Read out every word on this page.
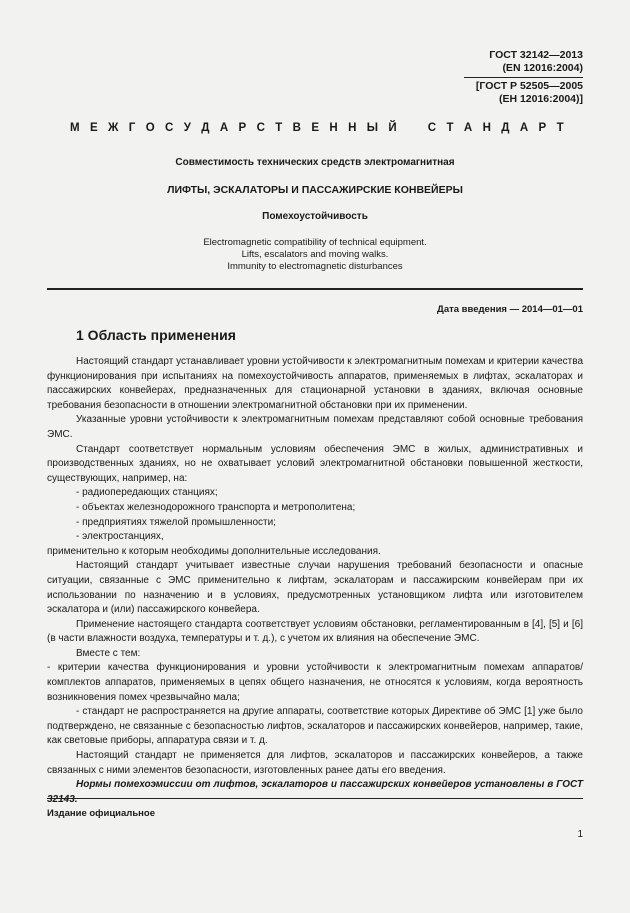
ГОСТ 32142—2013
(EN 12016:2004)
[ГОСТ Р 52505—2005
(ЕН 12016:2004)]
М Е Ж Г О С У Д А Р С Т В Е Н Н Ы Й	С Т А Н Д А Р Т
Совместимость технических средств электромагнитная
ЛИФТЫ, ЭСКАЛАТОРЫ И ПАССАЖИРСКИЕ КОНВЕЙЕРЫ
Помехоустойчивость
Electromagnetic compatibility of technical equipment.
Lifts, escalators and moving walks.
Immunity to electromagnetic disturbances
Дата введения — 2014—01—01
1 Область применения

Настоящий стандарт устанавливает уровни устойчивости к электромагнитным помехам и критерии качества функционирования при испытаниях на помехоустойчивость аппаратов, применяемых в лифтах, эскалаторах и пассажирских конвейерах, предназначенных для стационарной установки в зданиях, включая основные требования безопасности в отношении электромагнитной обстановки при их применении.

Указанные уровни устойчивости к электромагнитным помехам представляют собой основные требования ЭМС.

Стандарт соответствует нормальным условиям обеспечения ЭМС в жилых, административных и производственных зданиях, но не охватывает условий электромагнитной обстановки повышенной жесткости, существующих, например, на:

- радиопередающих станциях;

- объектах железнодорожного транспорта и метрополитена;

- предприятиях тяжелой промышленности;

- электростанциях,

применительно к которым необходимы дополнительные исследования.

Настоящий стандарт учитывает известные случаи нарушения требований безопасности и опасные ситуации, связанные с ЭМС применительно к лифтам, эскалаторам и пассажирским конвейерам при их использовании по назначению и в условиях, предусмотренных установщиком лифта или изготовителем эскалатора и (или) пассажирского конвейера.

Применение настоящего стандарта соответствует условиям обстановки, регламентированным в [4], [5] и [6] (в части влажности воздуха, температуры и т. д.), с учетом их влияния на обеспечение ЭМС.

Вместе с тем:

- критерии качества функционирования и уровни устойчивости к электромагнитным помехам аппаратов/комплектов аппаратов, применяемых в цепях общего назначения, не относятся к условиям, когда вероятность возникновения помех чрезвычайно мала;

- стандарт не распространяется на другие аппараты, соответствие которых Директиве об ЭМС [1] уже было подтверждено, не связанные с безопасностью лифтов, эскалаторов и пассажирских конвейеров, например, такие, как световые приборы, аппаратура связи и т. д.

Настоящий стандарт не применяется для лифтов, эскалаторов и пассажирских конвейеров, а также связанных с ними элементов безопасности, изготовленных ранее даты его введения.

Нормы помехоэмиссии от лифтов, эскалаторов и пассажирских конвейеров установлены в ГОСТ 32143.

Издание официальное
1
